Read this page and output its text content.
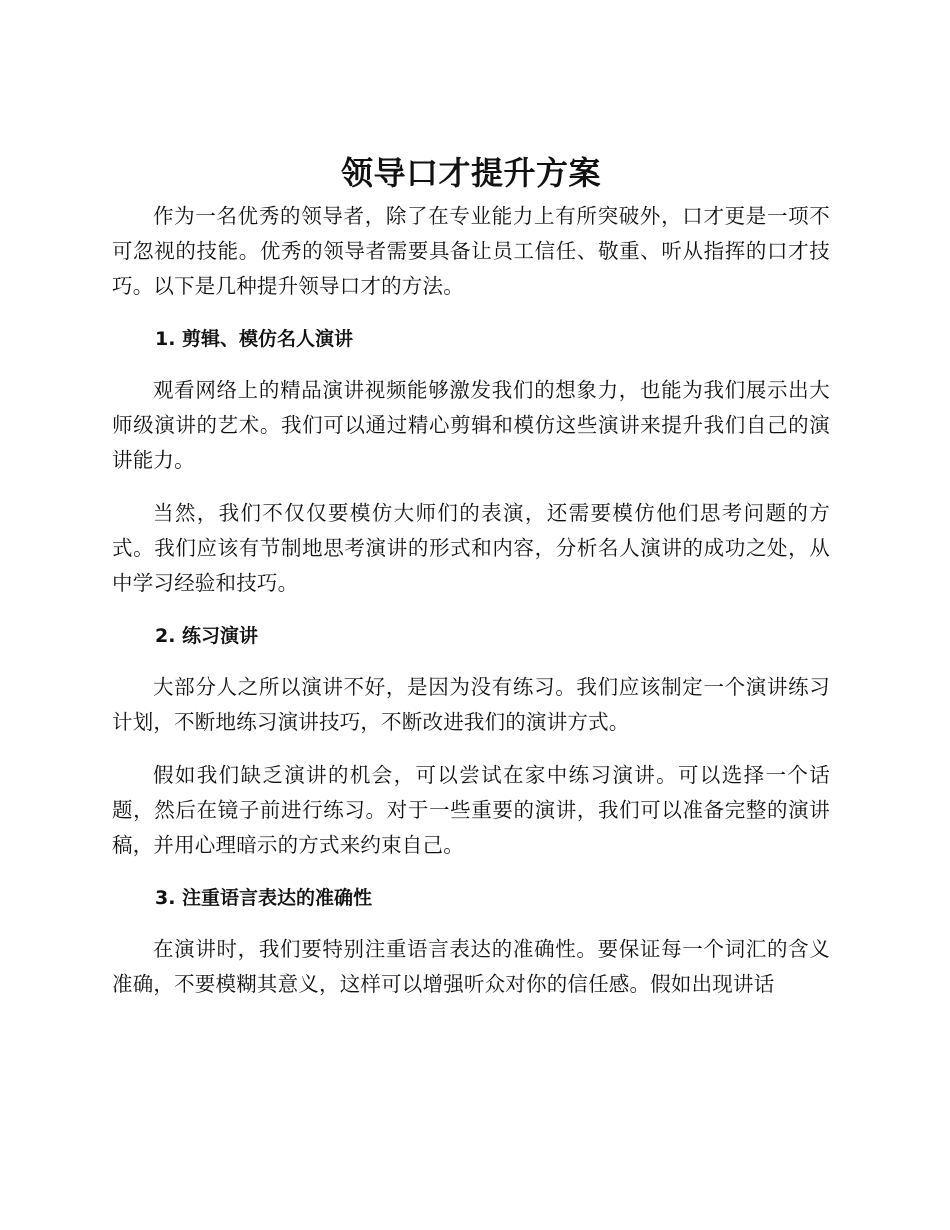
领导口才提升方案

作为一名优秀的领导者，除了在专业能力上有所突破外，口才更是一项不可忽视的技能。优秀的领导者需要具备让员工信任、敬重、听从指挥的口才技巧。以下是几种提升领导口才的方法。

1. 剪辑、模仿名人演讲

观看网络上的精品演讲视频能够激发我们的想象力，也能为我们展示出大师级演讲的艺术。我们可以通过精心剪辑和模仿这些演讲来提升我们自己的演讲能力。

当然，我们不仅仅要模仿大师们的表演，还需要模仿他们思考问题的方式。我们应该有节制地思考演讲的形式和内容，分析名人演讲的成功之处，从中学习经验和技巧。

2. 练习演讲

大部分人之所以演讲不好，是因为没有练习。我们应该制定一个演讲练习计划，不断地练习演讲技巧，不断改进我们的演讲方式。

假如我们缺乏演讲的机会，可以尝试在家中练习演讲。可以选择一个话题，然后在镜子前进行练习。对于一些重要的演讲，我们可以准备完整的演讲稿，并用心理暗示的方式来约束自己。

3. 注重语言表达的准确性

在演讲时，我们要特别注重语言表达的准确性。要保证每一个词汇的含义准确，不要模糊其意义，这样可以增强听众对你的信任感。假如出现讲话
